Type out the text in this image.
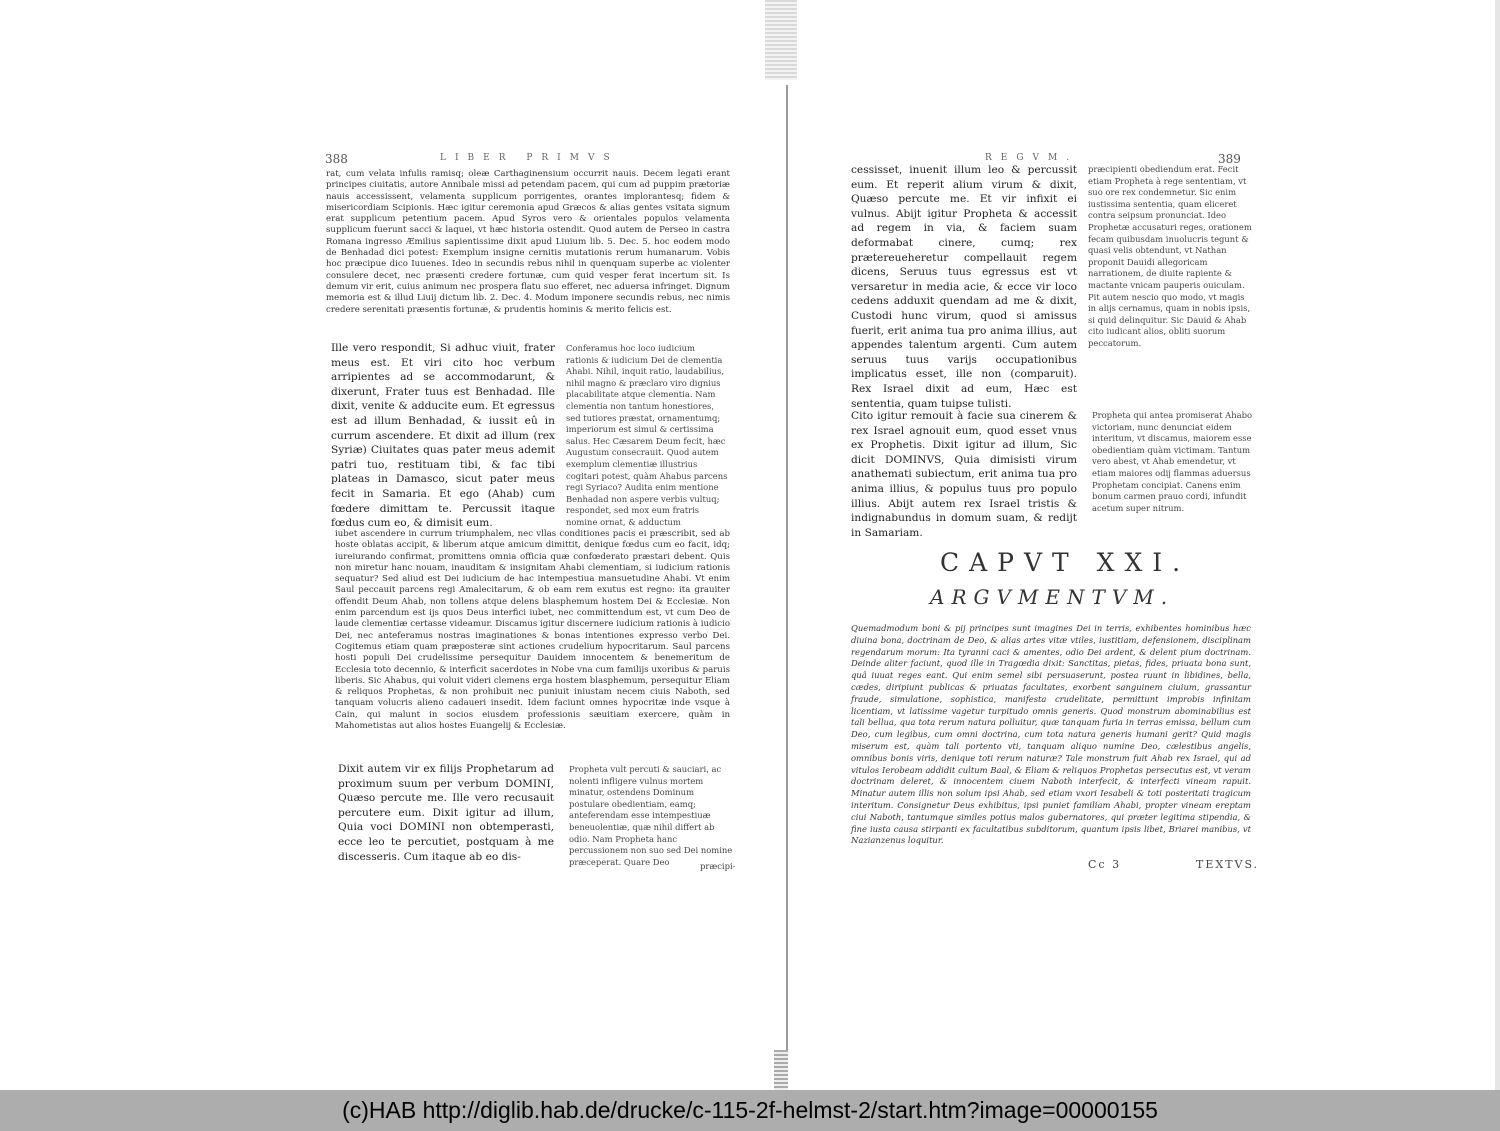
388	LIBER PRIMVS

rat, cum velata infulis ramisq; oleæ Carthaginensium occurrit nauis. Decem legati erant principes ciuitatis, autore Annibale missi ad petendam pacem, qui cum ad puppim prætoriæ nauis accessissent, velamenta supplicum porrigentes, orantes implorantesq; fidem & misericordiam Scipionis. Hæc igitur ceremonia apud Græcos & alias gentes vsitata signum erat supplicum petentium pacem. Apud Syros vero & orientales populos velamenta supplicum fuerunt sacci & laquei, vt hæc historia ostendit. Quod autem de Perseo in castra Romana ingresso Æmilius sapientissime dixit apud Liuium lib. 5. Dec. 5. hoc eodem modo de Benhadad dici potest: Exemplum insigne cernitis mutationis rerum humanarum. Vobis hoc præcipue dico Iuuenes. Ideo in secundis rebus nihil in quenquam superbe ac violenter consulere decet, nec præsenti credere fortunæ, cum quid vesper ferat incertum sit. Is demum vir erit, cuius animum nec prospera flatu suo efferet, nec aduersa infringet. Dignum memoria est & illud Liuij dictum lib. 2. Dec. 4. Modum imponere secundis rebus, nec nimis credere serenitati præsentis fortunæ, & prudentis hominis & merito felicis est.

Ille vero respondit, Si adhuc viuit, frater meus est. Et viri cito hoc verbum arripientes ad se accommodarunt, & dixerunt, Frater tuus est Benhadad. Ille dixit, venite & adducite eum. Et egressus est ad illum Benhadad, & iussit eû in currum ascendere. Et dixit ad illum (rex Syriæ) Ciuitates quas pater meus ademit patri tuo, restituam tibi, & fac tibi plateas in Damasco, sicut pater meus fecit in Samaria. Et ego (Ahab) cum fœdere dimittam te. Percussit itaque fœdus cum eo, & dimisit eum.

Conferamus hoc loco iudicium rationis & iudicium Dei de clementia Ahabi. Nihil, inquit ratio, laudabilius, nihil magno & præclaro viro dignius placabilitate atque clementia. Nam clementia non tantum honestiores, sed tutiores præstat, ornamentumq; imperiorum est simul & certissima salus. Hec Cæsarem Deum fecit, hæc Augustum consecrauit. Quod autem exemplum clementiæ illustrius cogitari potest, quàm Ahabus parcens regi Syriaco? Audita enim mentione Benhadad non aspere verbis vultuq; respondet, sed mox eum fratris nomine ornat, & adductum

iubet ascendere in currum triumphalem, nec vllas conditiones pacis ei præscribit, sed ab hoste oblatas accipit, & liberum atque amicum dimittit, denique fœdus cum eo facit, idq; iureiurando confirmat, promittens omnia officia quæ confœderato præstari debent. Quis non miretur hanc nouam, inauditam & insignitam Ahabi clementiam, si iudicium rationis sequatur? Sed aliud est Dei iudicium de hac intempestiua mansuetudine Ahabi. Vt enim Saul peccauit parcens regi Amalecitarum, & ob eam rem exutus est regno: ita grauiter offendit Deum Ahab, non tollens atque delens blasphemum hostem Dei & Ecclesiæ. Non enim parcendum est ijs quos Deus interfici iubet, nec committendum est, vt cum Deo de laude clementiæ certasse videamur. Discamus igitur discernere iudicium rationis à iudicio Dei, nec anteferamus nostras imaginationes & bonas intentiones expresso verbo Dei. Cogitemus etiam quam præposteræ sint actiones crudelium hypocritarum. Saul parcens hosti populi Dei crudelissime persequitur Dauidem innocentem & benemeritum de Ecclesia toto decennio, & interficit sacerdotes in Nobe vna cum familijs uxoribus & paruis liberis. Sic Ahabus, qui voluit videri clemens erga hostem blasphemum, persequitur Eliam & reliquos Prophetas, & non prohibuit nec puniuit iniustam necem ciuis Naboth, sed tanquam volucris alieno cadaueri insedit. Idem faciunt omnes hypocritæ inde vsque à Cain, qui malunt in socios eiusdem professionis sæuitiam exercere, quàm in Mahometistas aut alios hostes Euangelij & Ecclesiæ.

Dixit autem vir ex filijs Prophetarum ad proximum suum per verbum DOMINI, Quæso percute me. Ille vero recusauit percutere eum. Dixit igitur ad illum, Quia voci DOMINI non obtemperasti, ecce leo te percutiet, postquam à me discesseris. Cum itaque ab eo dis-

Propheta vult percuti & sauciari, ac nolenti infligere vulnus mortem minatur, ostendens Dominum postulare obedientiam, eamq; anteferendam esse intempestiuæ beneuolentiæ, quæ nihil differt ab odio. Nam Propheta hanc percussionem non suo sed Dei nomine præceperat. Quare Deo	præcipi-
REGVM.	389

cessisset, inuenit illum leo & percussit eum. Et reperit alium virum & dixit, Quæso percute me. Et vir infixit ei vulnus. Abijt igitur Propheta & accessit ad regem in via, & faciem suam deformabat cinere, cumq; rex prætereueheretur compellauit regem dicens, Seruus tuus egressus est vt versaretur in media acie, & ecce vir loco cedens adduxit quendam ad me & dixit, Custodi hunc virum, quod si amissus fuerit, erit anima tua pro anima illius, aut appendes talentum argenti. Cum autem seruus tuus varijs occupationibus implicatus esset, ille non (comparuit). Rex Israel dixit ad eum, Hæc est sententia, quam tuipse tulisti.

præcipienti obediendum erat. Fecit etiam Propheta à rege sententiam, vt suo ore rex condemnetur. Sic enim iustissima sententia, quam eliceret contra seipsum pronunciat. Ideo Prophetæ accusaturi reges, orationem fecam quibusdam inuolucris tegunt & quasi velis obtendunt, vt Nathan proponit Dauidi allegoricam narrationem, de diuite rapiente & mactante vnicam pauperis ouiculam. Pit autem nescio quo modo, vt magis in alijs cernamus, quam in nobis ipsis, si quid delinquitur. Sic Dauid & Ahab cito iudicant alios, obliti suorum peccatorum.

Cito igitur remouit à facie sua cinerem & rex Israel agnouit eum, quod esset vnus ex Prophetis. Dixit igitur ad illum, Sic dicit DOMINVS, Quia dimisisti virum anathemati subiectum, erit anima tua pro anima illius, & populus tuus pro populo illius. Abijt autem rex Israel tristis & indignabundus in domum suam, & redijt in Samariam.

Propheta qui antea promiserat Ahabo victoriam, nunc denunciat eidem interitum, vt discamus, maiorem esse obedientiam quàm victimam. Tantum vero abest, vt Ahab emendetur, vt etiam maiores odij flammas aduersus Prophetam concipiat. Canens enim bonum carmen prauo cordi, infundit acetum super nitrum.

CAPVT XXI.
ARGVMENTVM.

Quemadmodum boni & pij principes sunt imagines Dei in terris, exhibentes hominibus hæc diuina bona, doctrinam de Deo, & alias artes vitæ vtiles, iustitiam, defensionem, disciplinam regendarum morum: Ita tyranni caci & amentes, odio Dei ardent, & delent pium doctrinam. Deinde aliter faciunt, quod ille in Tragœdia dixit: Sanctitas, pietas, fides, priuata bona sunt, quâ iuuat reges eant. Qui enim semel sibi persuaserunt, postea ruunt in libidines, bella, cædes, diripiunt publicas & priuatas facultates, exorbent sanguinem ciuium, grassantur fraude, simulatione, sophistica, manifesta crudelitate, permittunt improbis infinitam licentiam, vt latissime vagetur turpitudo omnis generis. Quod monstrum abominabilius est tali bellua, qua tota rerum natura polluitur, quæ tanquam furia in terras emissa, bellum cum Deo, cum legibus, cum omni doctrina, cum tota natura generis humani gerit? Quid magis miserum est, quàm tali portento vti, tanquam aliquo numine Deo, cælestibus angelis, omnibus bonis viris, denique toti rerum naturæ? Tale monstrum fuit Ahab rex Israel, qui ad vitulos Ierobeam addidit cultum Baal, & Eliam & reliquos Prophetas persecutus est, vt veram doctrinam deleret, & innocentem ciuem Naboth interfecit, & interfecti vineam rapuit. Minatur autem illis non solum ipsi Ahab, sed etiam vxori Iesabeli & toti posteritati tragicum interitum. Consignetur Deus exhibitus, ipsi puniet familiam Ahabi, propter vineam ereptam ciui Naboth, tantumque similes potius malos gubernatores, qui præter legitima stipendia, & fine iusta causa stirpanti ex facultatibus subditorum, quantum ipsis libet, Briarei manibus, vt Nazianzenus loquitur.

Cc 3	TEXTVS.
(c)HAB http://diglib.hab.de/drucke/c-115-2f-helmst-2/start.htm?image=00000155
